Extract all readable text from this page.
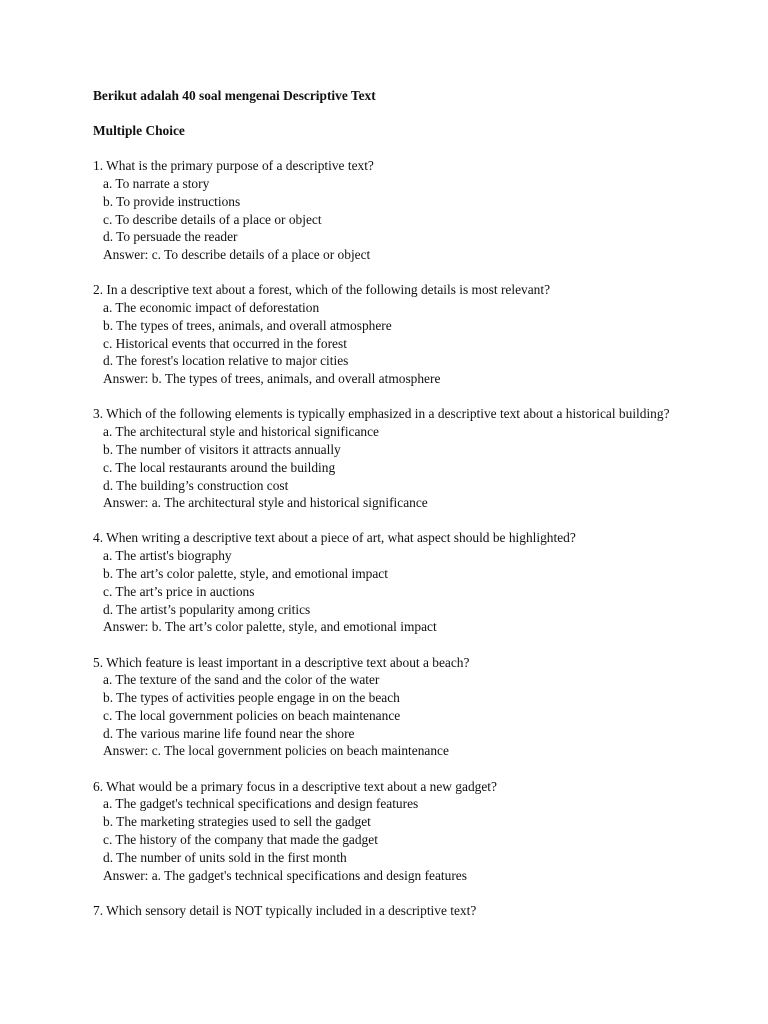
Berikut adalah 40 soal mengenai Descriptive Text

Multiple Choice

1. What is the primary purpose of a descriptive text?

a. To narrate a story

b. To provide instructions

c. To describe details of a place or object

d. To persuade the reader

Answer: c. To describe details of a place or object

2. In a descriptive text about a forest, which of the following details is most relevant?

a. The economic impact of deforestation

b. The types of trees, animals, and overall atmosphere

c. Historical events that occurred in the forest

d. The forest's location relative to major cities

Answer: b. The types of trees, animals, and overall atmosphere

3. Which of the following elements is typically emphasized in a descriptive text about a historical building?

a. The architectural style and historical significance

b. The number of visitors it attracts annually

c. The local restaurants around the building

d. The building’s construction cost

Answer: a. The architectural style and historical significance

4. When writing a descriptive text about a piece of art, what aspect should be highlighted?

a. The artist's biography

b. The art’s color palette, style, and emotional impact

c. The art’s price in auctions

d. The artist’s popularity among critics

Answer: b. The art’s color palette, style, and emotional impact

5. Which feature is least important in a descriptive text about a beach?

a. The texture of the sand and the color of the water

b. The types of activities people engage in on the beach

c. The local government policies on beach maintenance

d. The various marine life found near the shore

Answer: c. The local government policies on beach maintenance

6. What would be a primary focus in a descriptive text about a new gadget?

a. The gadget's technical specifications and design features

b. The marketing strategies used to sell the gadget

c. The history of the company that made the gadget

d. The number of units sold in the first month

Answer: a. The gadget's technical specifications and design features

7. Which sensory detail is NOT typically included in a descriptive text?
